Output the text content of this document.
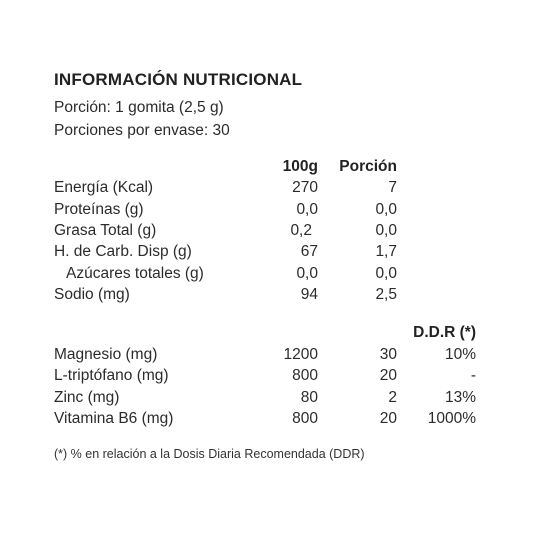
INFORMACIÓN NUTRICIONAL
Porción: 1 gomita (2,5 g)
Porciones por envase: 30
100g Porción
Energía (Kcal)	270	7
Proteínas (g)	0,0	0,0
Grasa Total (g)	0,2	0,0
H. de Carb. Disp (g)	67	1,7
Azúcares totales (g)	0,0	0,0
Sodio (mg)	94	2,5
D.D.R (*)
Magnesio (mg)	1200	30	10%
L-triptófano (mg)	800	20	-
Zinc (mg)	80	2	13%
Vitamina B6 (mg)	800	20 1000%
(*) % en relación a la Dosis Diaria Recomendada (DDR)
